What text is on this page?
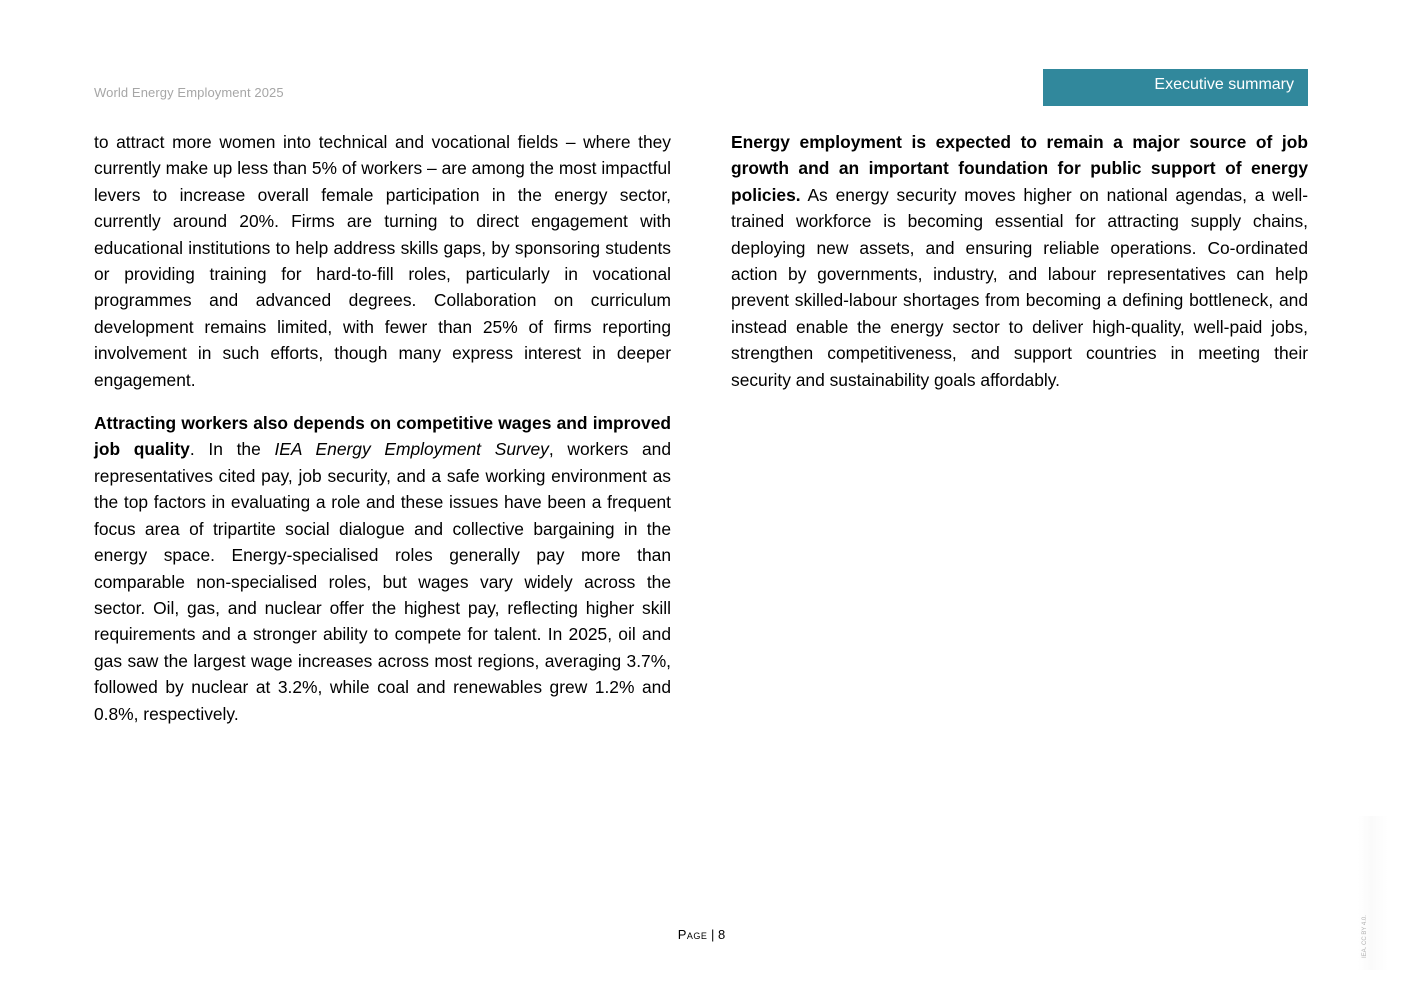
World Energy Employment 2025	Executive summary

to attract more women into technical and vocational fields – where they currently make up less than 5% of workers – are among the most impactful levers to increase overall female participation in the energy sector, currently around 20%. Firms are turning to direct engagement with educational institutions to help address skills gaps, by sponsoring students or providing training for hard-to-fill roles, particularly in vocational programmes and advanced degrees. Collaboration on curriculum development remains limited, with fewer than 25% of firms reporting involvement in such efforts, though many express interest in deeper engagement.

Attracting workers also depends on competitive wages and improved job quality. In the IEA Energy Employment Survey, workers and representatives cited pay, job security, and a safe working environment as the top factors in evaluating a role and these issues have been a frequent focus area of tripartite social dialogue and collective bargaining in the energy space. Energy-specialised roles generally pay more than comparable non-specialised roles, but wages vary widely across the sector. Oil, gas, and nuclear offer the highest pay, reflecting higher skill requirements and a stronger ability to compete for talent. In 2025, oil and gas saw the largest wage increases across most regions, averaging 3.7%, followed by nuclear at 3.2%, while coal and renewables grew 1.2% and 0.8%, respectively.

Energy employment is expected to remain a major source of job growth and an important foundation for public support of energy policies. As energy security moves higher on national agendas, a well-trained workforce is becoming essential for attracting supply chains, deploying new assets, and ensuring reliable operations. Co-ordinated action by governments, industry, and labour representatives can help prevent skilled-labour shortages from becoming a defining bottleneck, and instead enable the energy sector to deliver high-quality, well-paid jobs, strengthen competitiveness, and support countries in meeting their security and sustainability goals affordably.

Page | 8	IEA. CC BY 4.0.
